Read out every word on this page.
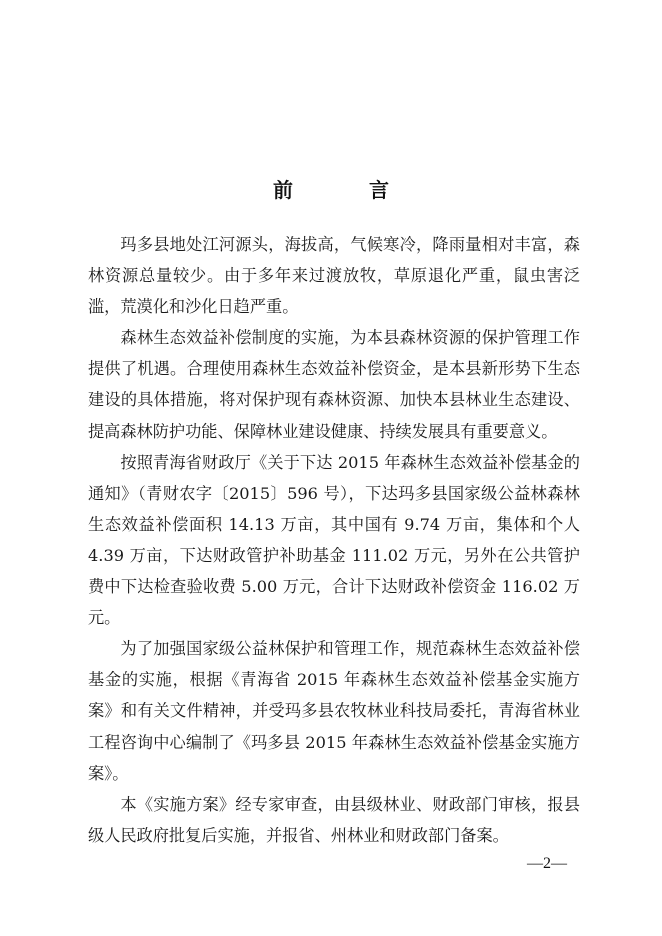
前　言

玛多县地处江河源头，海拔高，气候寒冷，降雨量相对丰富，森林资源总量较少。由于多年来过渡放牧，草原退化严重，鼠虫害泛滥，荒漠化和沙化日趋严重。

森林生态效益补偿制度的实施，为本县森林资源的保护管理工作提供了机遇。合理使用森林生态效益补偿资金，是本县新形势下生态建设的具体措施，将对保护现有森林资源、加快本县林业生态建设、提高森林防护功能、保障林业建设健康、持续发展具有重要意义。

按照青海省财政厅《关于下达 2015 年森林生态效益补偿基金的通知》（青财农字〔2015〕596 号），下达玛多县国家级公益林森林生态效益补偿面积 14.13 万亩，其中国有 9.74 万亩，集体和个人 4.39 万亩，下达财政管护补助基金 111.02 万元，另外在公共管护费中下达检查验收费 5.00 万元，合计下达财政补偿资金 116.02 万元。

为了加强国家级公益林保护和管理工作，规范森林生态效益补偿基金的实施，根据《青海省 2015 年森林生态效益补偿基金实施方案》和有关文件精神，并受玛多县农牧林业科技局委托，青海省林业工程咨询中心编制了《玛多县 2015 年森林生态效益补偿基金实施方案》。

本《实施方案》经专家审查，由县级林业、财政部门审核，报县级人民政府批复后实施，并报省、州林业和财政部门备案。

—2—
